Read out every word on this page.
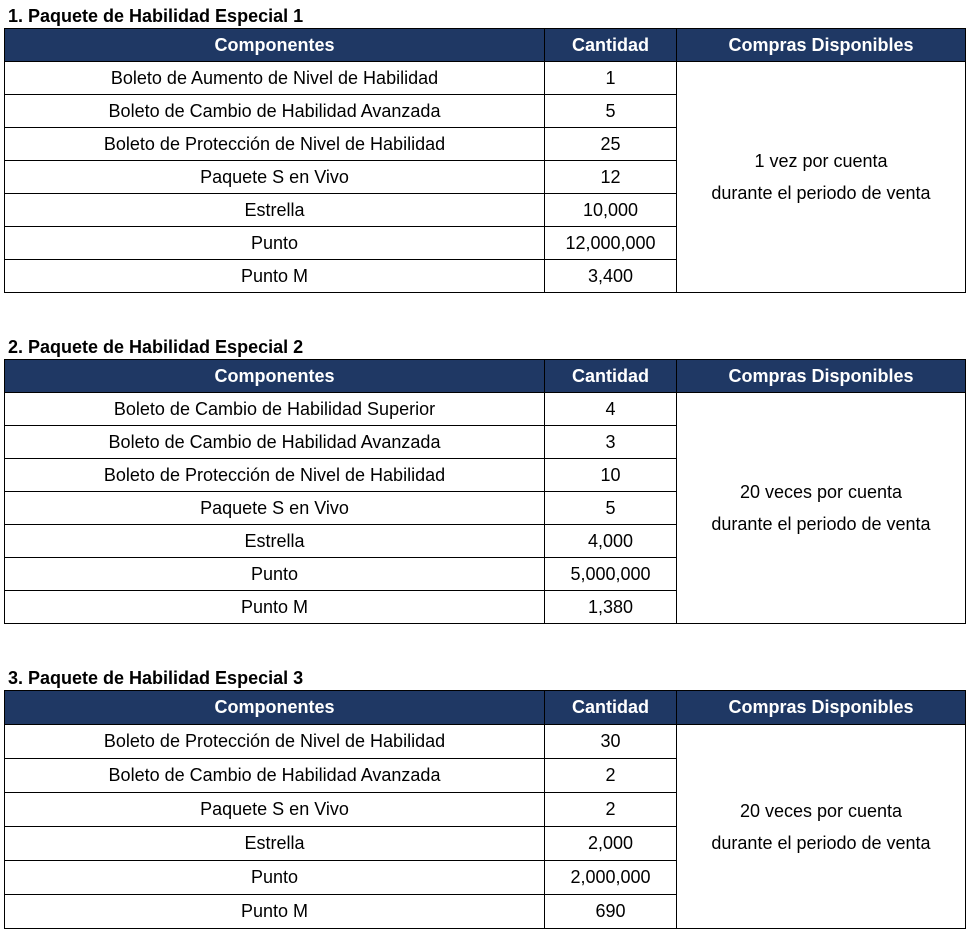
1. Paquete de Habilidad Especial 1
Componentes	Cantidad	Compras Disponibles
Boleto de Aumento de Nivel de Habilidad	1	1 vez por cuenta
durante el periodo de venta

Boleto de Cambio de Habilidad Avanzada	5	
Boleto de Protección de Nivel de Habilidad	25	
Paquete S en Vivo	12	
Estrella	10,000	
Punto	12,000,000	
Punto M	3,400	
2. Paquete de Habilidad Especial 2
Componentes	Cantidad	Compras Disponibles
Boleto de Cambio de Habilidad Superior	4	20 veces por cuenta
durante el periodo de venta

Boleto de Cambio de Habilidad Avanzada	3	
Boleto de Protección de Nivel de Habilidad	10	
Paquete S en Vivo	5	
Estrella	4,000	
Punto	5,000,000	
Punto M	1,380	
3. Paquete de Habilidad Especial 3
Componentes	Cantidad	Compras Disponibles
Boleto de Protección de Nivel de Habilidad	30	20 veces por cuenta
durante el periodo de venta

Boleto de Cambio de Habilidad Avanzada	2	
Paquete S en Vivo	2	
Estrella	2,000	
Punto	2,000,000	
Punto M	690	
